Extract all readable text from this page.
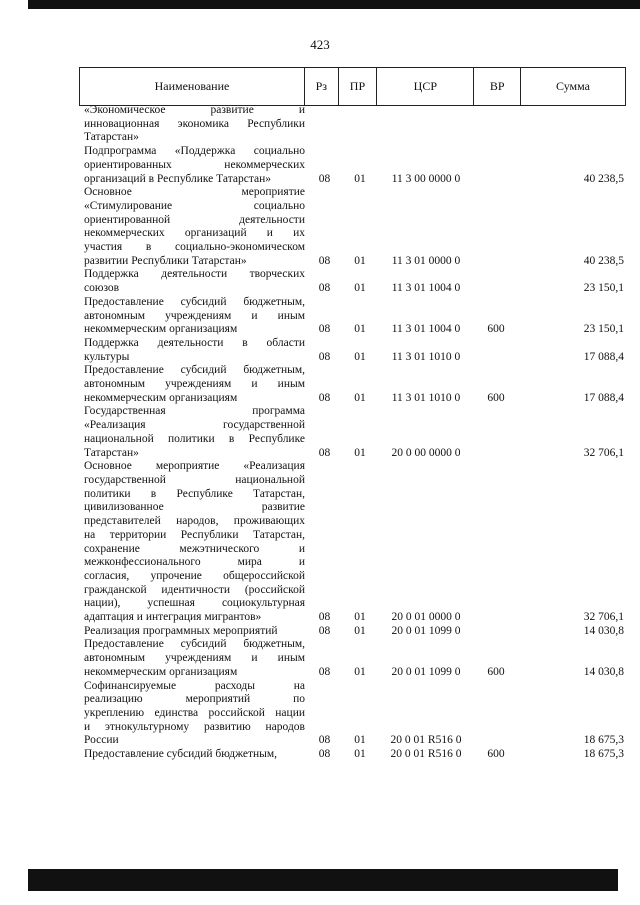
423
Наименование	Рз	ПР	ЦСР	ВР	Сумма
«Экономическое развитие и
инновационная экономика Республики
Татарстан»
Подпрограмма «Поддержка социально
ориентированных некоммерческих
организаций в Республике Татарстан»	08	01	11 3 00 0000 0	40 238,5
Основное мероприятие
«Стимулирование социально
ориентированной деятельности
некоммерческих организаций и их
участия в социально-экономическом
развитии Республики Татарстан»	08	01	11 3 01 0000 0	40 238,5
Поддержка деятельности творческих
союзов	08	01	11 3 01 1004 0	23 150,1
Предоставление субсидий бюджетным,
автономным учреждениям и иным
некоммерческим организациям	08	01	11 3 01 1004 0	600	23 150,1
Поддержка деятельности в области
культуры	08	01	11 3 01 1010 0	17 088,4
Предоставление субсидий бюджетным,
автономным учреждениям и иным
некоммерческим организациям	08	01	11 3 01 1010 0	600	17 088,4
Государственная программа
«Реализация государственной
национальной политики в Республике
Татарстан»	08	01	20 0 00 0000 0	32 706,1
Основное мероприятие «Реализация
государственной национальной
политики в Республике Татарстан,
цивилизованное развитие
представителей народов, проживающих
на территории Республики Татарстан,
сохранение межэтнического и
межконфессионального мира и
согласия, упрочение общероссийской
гражданской идентичности (российской
нации), успешная социокультурная
адаптация и интеграция мигрантов»	08	01	20 0 01 0000 0	32 706,1
Реализация программных мероприятий	08	01	20 0 01 1099 0	14 030,8
Предоставление субсидий бюджетным,
автономным учреждениям и иным
некоммерческим организациям	08	01	20 0 01 1099 0	600	14 030,8
Софинансируемые расходы на
реализацию мероприятий по
укреплению единства российской нации
и этнокультурному развитию народов
России	08	01	20 0 01 R516 0	18 675,3
Предоставление субсидий бюджетным,	08	01	20 0 01 R516 0	600	18 675,3
